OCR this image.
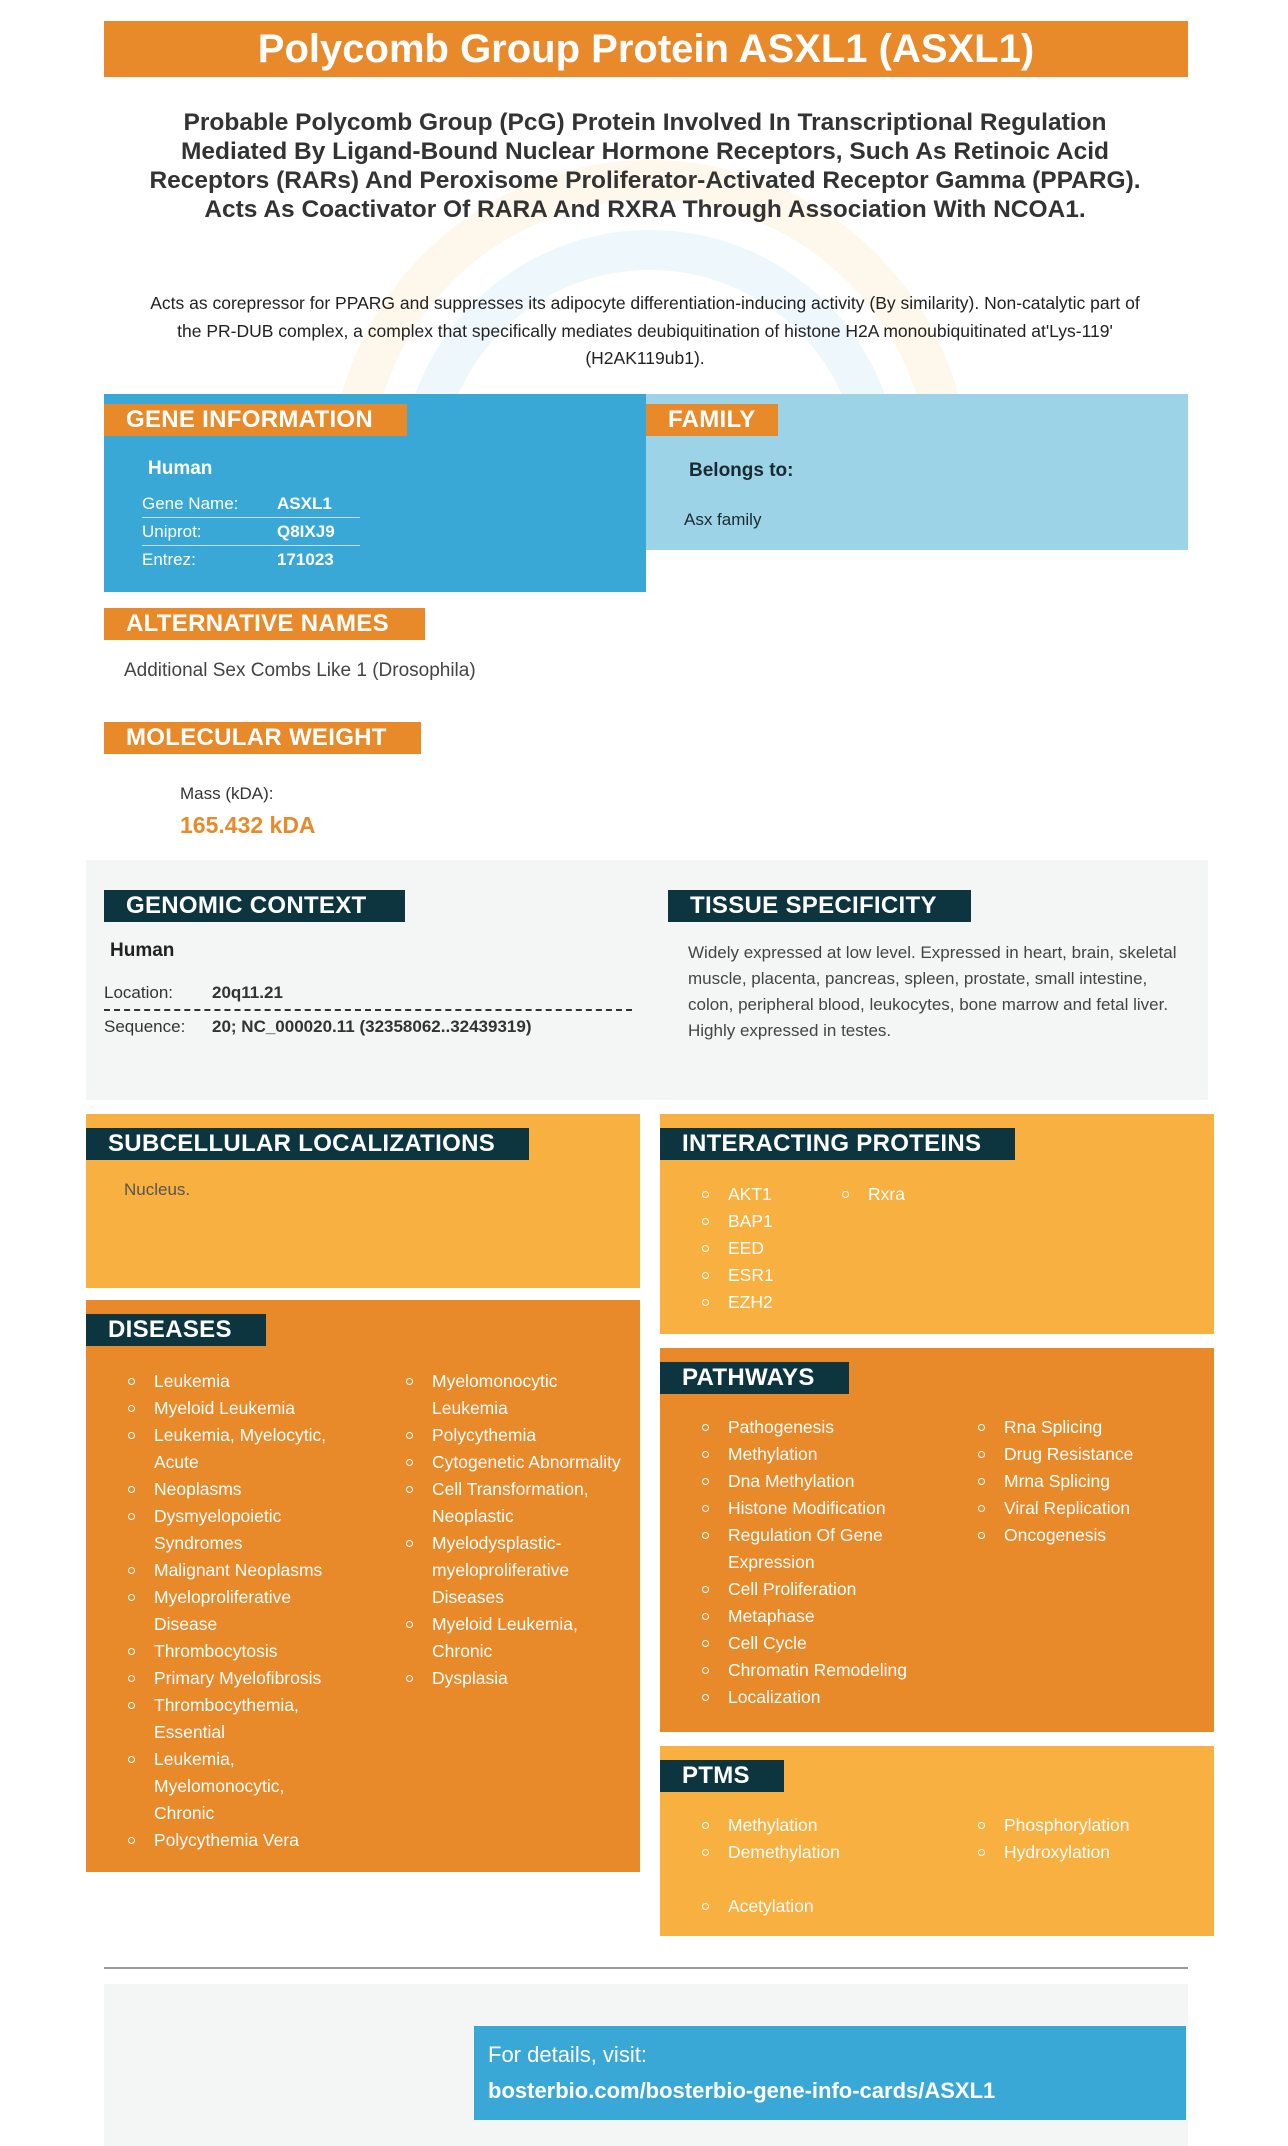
Polycomb Group Protein ASXL1 (ASXL1)
Probable Polycomb Group (PcG) Protein Involved In Transcriptional Regulation Mediated By Ligand-Bound Nuclear Hormone Receptors, Such As Retinoic Acid Receptors (RARs) And Peroxisome Proliferator-Activated Receptor Gamma (PPARG). Acts As Coactivator Of RARA And RXRA Through Association With NCOA1.
Acts as corepressor for PPARG and suppresses its adipocyte differentiation-inducing activity (By similarity). Non-catalytic part of the PR-DUB complex, a complex that specifically mediates deubiquitination of histone H2A monoubiquitinated at'Lys-119' (H2AK119ub1).
GENE INFORMATION
Human
Gene Name:	ASXL1
Uniprot:	Q8IXJ9
Entrez:	171023
FAMILY
Belongs to:
Asx family
ALTERNATIVE NAMES
Additional Sex Combs Like 1 (Drosophila)
MOLECULAR WEIGHT
Mass (kDA):
165.432 kDA
GENOMIC CONTEXT
Human
Location:	20q11.21
Sequence:	20; NC_000020.11 (32358062..32439319)
TISSUE SPECIFICITY
Widely expressed at low level. Expressed in heart, brain, skeletal muscle, placenta, pancreas, spleen, prostate, small intestine, colon, peripheral blood, leukocytes, bone marrow and fetal liver. Highly expressed in testes.
SUBCELLULAR LOCALIZATIONS
Nucleus.
INTERACTING PROTEINS
AKT1
BAP1
EED
ESR1
EZH2
Rxra
DISEASES
Leukemia
Myeloid Leukemia
Leukemia, Myelocytic, Acute
Neoplasms
Dysmyelopoietic Syndromes
Malignant Neoplasms
Myeloproliferative Disease
Thrombocytosis
Primary Myelofibrosis
Thrombocythemia, Essential
Leukemia, Myelomonocytic, Chronic
Polycythemia Vera
Myelomonocytic Leukemia
Polycythemia
Cytogenetic Abnormality
Cell Transformation, Neoplastic
Myelodysplastic-myeloproliferative Diseases
Myeloid Leukemia, Chronic
Dysplasia
PATHWAYS
Pathogenesis
Methylation
Dna Methylation
Histone Modification
Regulation Of Gene Expression
Cell Proliferation
Metaphase
Cell Cycle
Chromatin Remodeling
Localization
Rna Splicing
Drug Resistance
Mrna Splicing
Viral Replication
Oncogenesis
PTMS
Methylation
Demethylation
Acetylation
Phosphorylation
Hydroxylation
For details, visit:
bosterbio.com/bosterbio-gene-info-cards/ASXL1
